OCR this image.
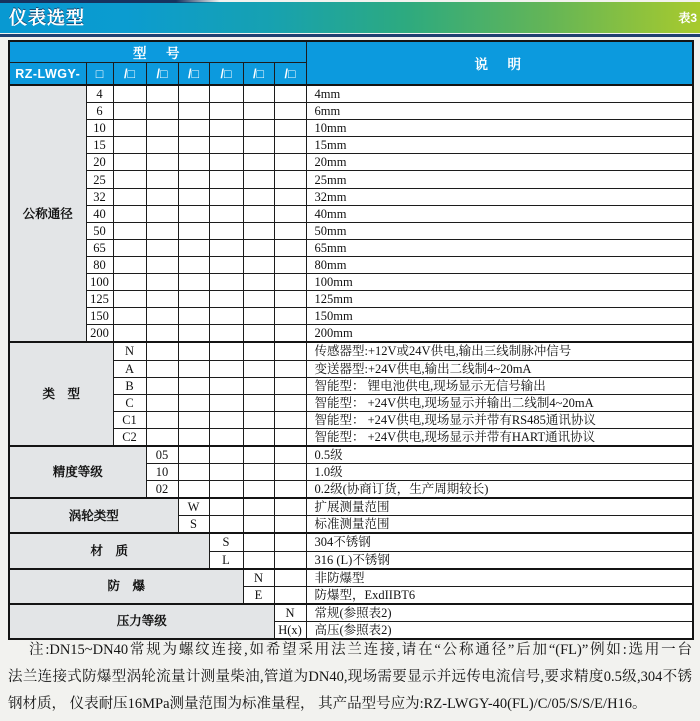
仪表选型	表3
型　号								说　明
RZ-LWGY-	□	/□	/□	/□	/□	/□	/□	
公称通径	4							4mm
	6							6mm
	10							10mm
	15							15mm
	20							20mm
	25							25mm
	32							32mm
	40							40mm
	50							50mm
	65							65mm
	80							80mm
	100							100mm
	125							125mm
	150							150mm
	200							200mm
类　型		N						传感器型:+12V或24V供电,输出三线制脉冲信号
		A						变送器型:+24V供电,输出二线制4~20mA
		B						智能型： 锂电池供电,现场显示无信号输出
		C						智能型： +24V供电,现场显示并输出二线制4~20mA
		C1						智能型： +24V供电,现场显示并带有RS485通讯协议
		C2						智能型： +24V供电,现场显示并带有HART通讯协议
精度等级			05					0.5级
			10					1.0级
			02					0.2级(协商订货，生产周期较长)
涡轮类型				W				扩展测量范围
				S				标准测量范围
材　质					S			304不锈钢
					L			316 (L)不锈钢
防　爆						N		非防爆型
						E		防爆型，ExdIIBT6
压力等级							N	常规(参照表2)
							H(x)	高压(参照表2)
注:DN15~DN40常规为螺纹连接,如希望采用法兰连接,请在“公称通径”后加“(FL)”例如:选用一台
法兰连接式防爆型涡轮流量计测量柴油,管道为DN40,现场需要显示并远传电流信号,要求精度0.5级,304不锈
钢材质， 仪表耐压16MPa测量范围为标准量程， 其产品型号应为:RZ-LWGY-40(FL)/C/05/S/S/E/H16。
